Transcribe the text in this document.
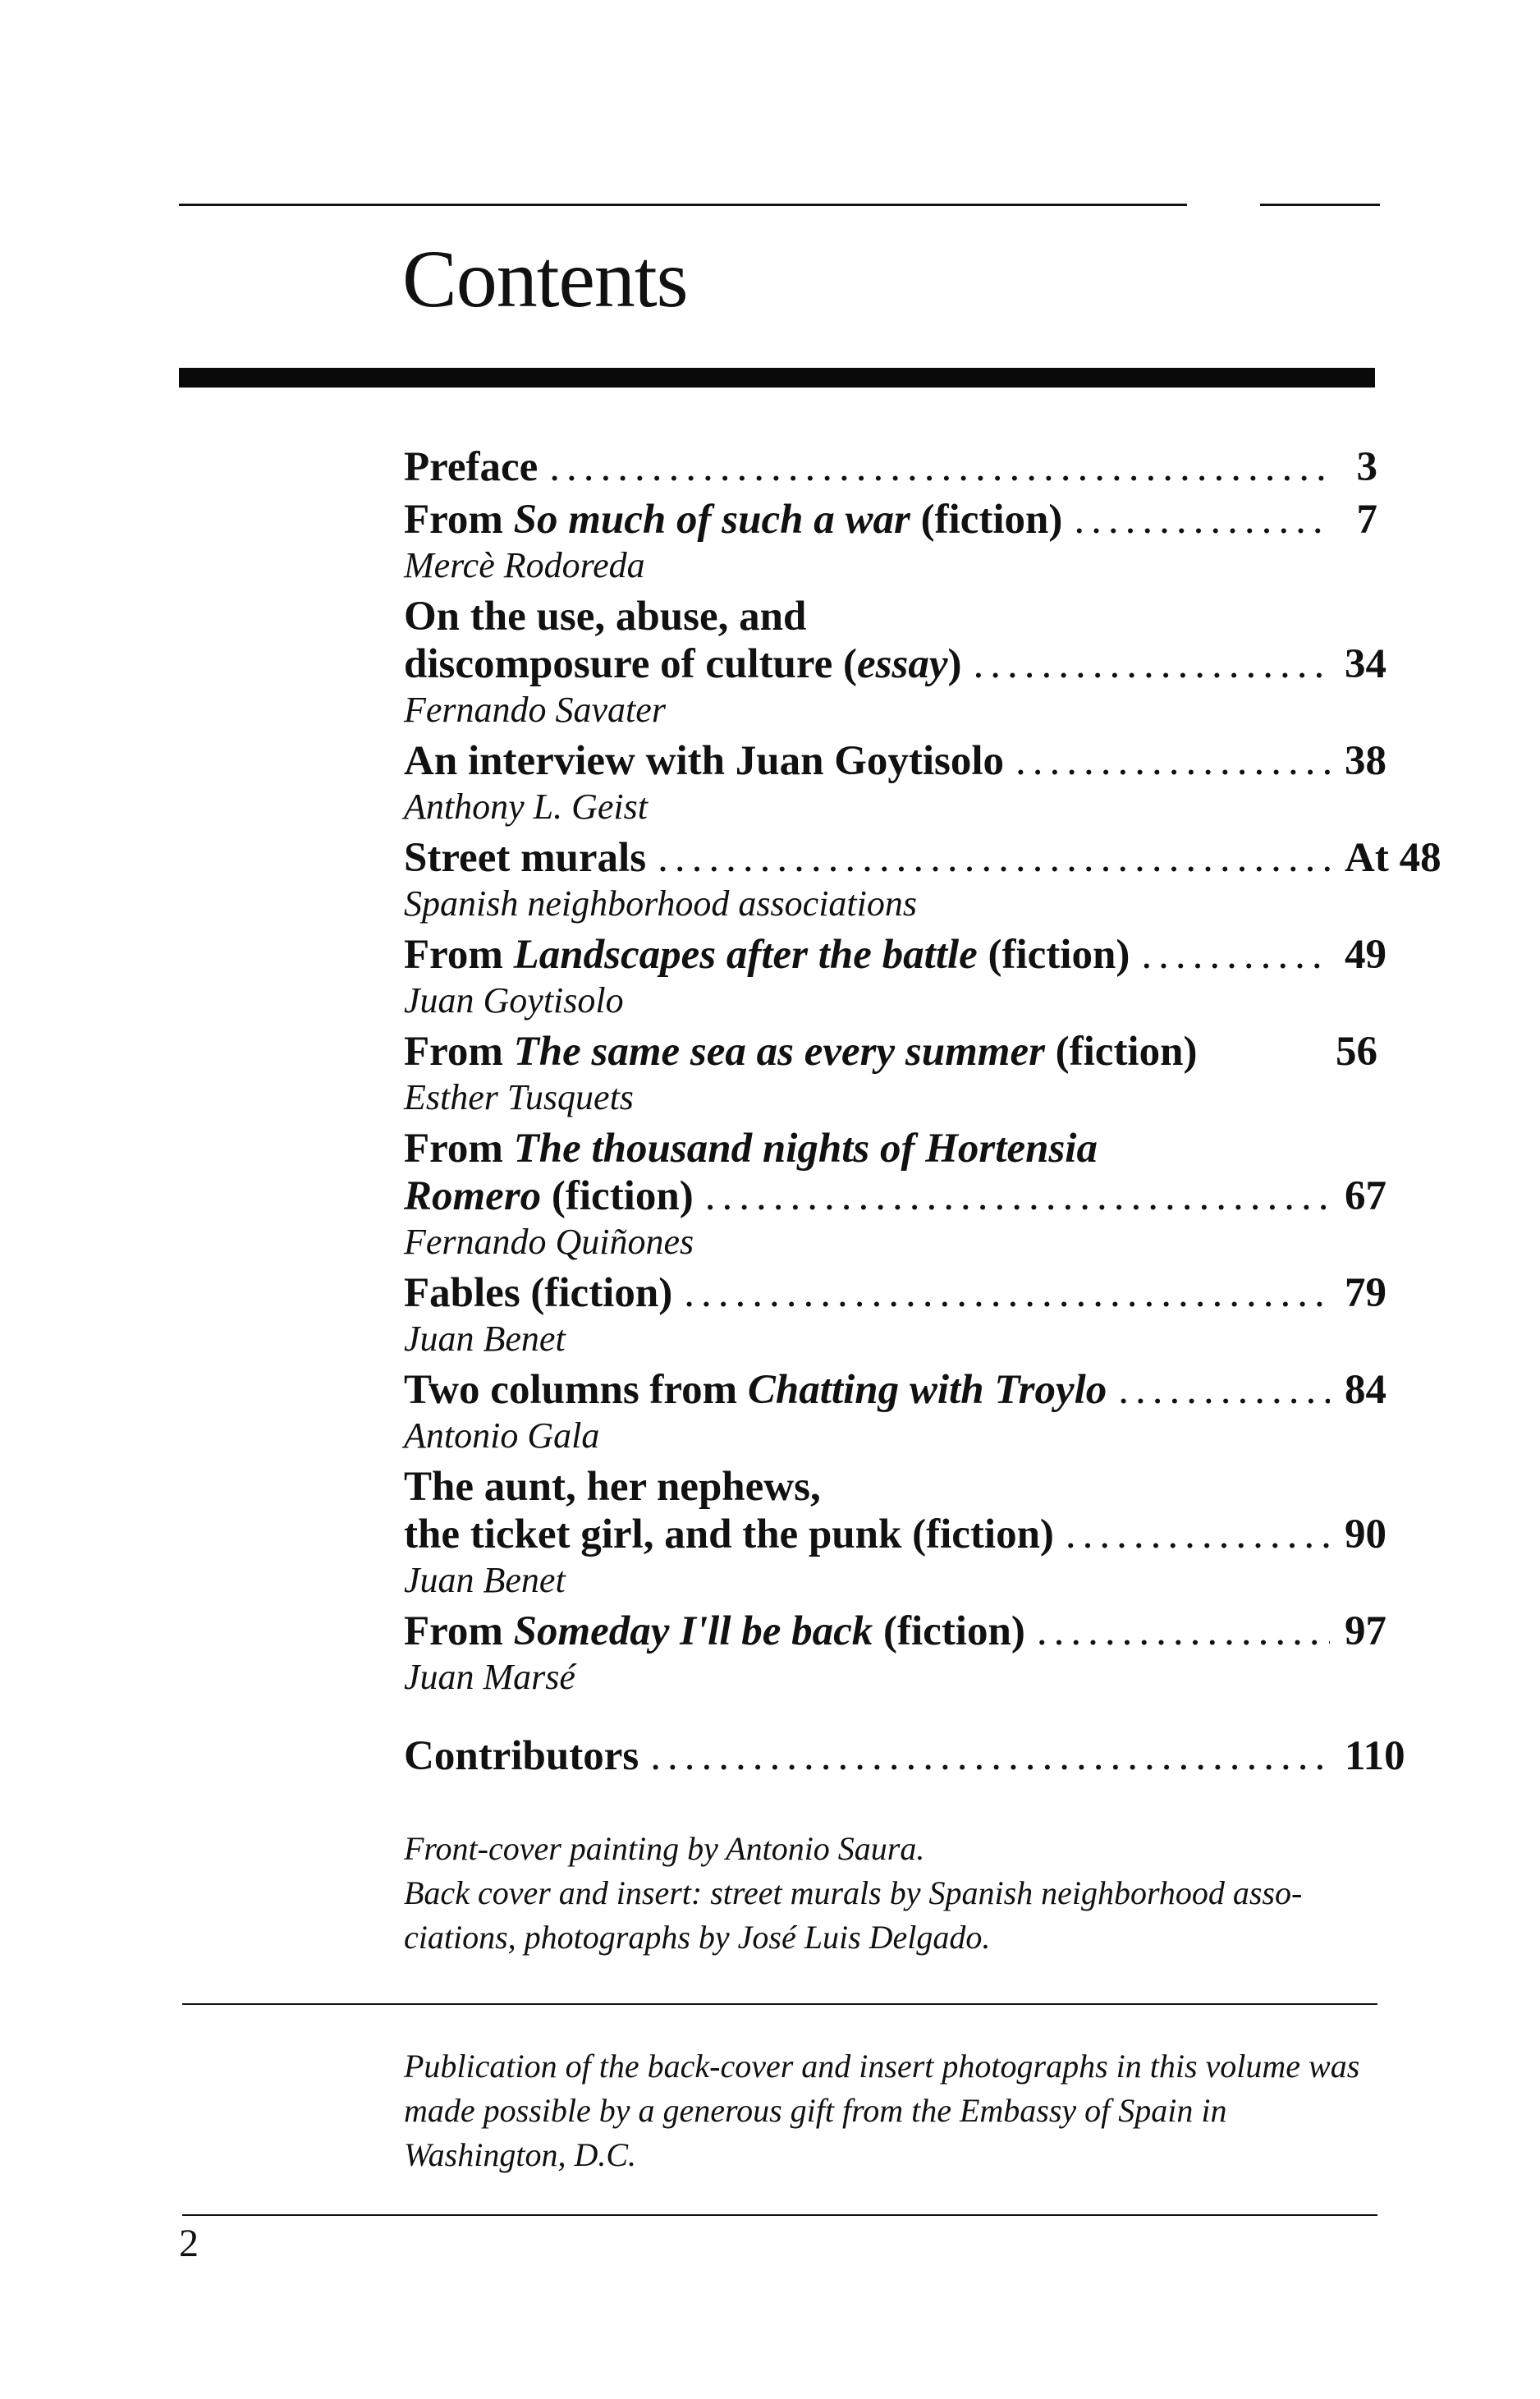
Contents
Preface .....	3
From So much of such a war (fiction) .....	7
Mercè Rodoreda
On the use, abuse, and
discomposure of culture (essay) .....	34
Fernando Savater
An interview with Juan Goytisolo .....	38
Anthony L. Geist
Street murals .....	At 48
Spanish neighborhood associations
From Landscapes after the battle (fiction) .....	49
Juan Goytisolo
From The same sea as every summer (fiction)	56
Esther Tusquets
From The thousand nights of Hortensia
Romero (fiction) .....	67
Fernando Quiñones
Fables (fiction) .....	79
Juan Benet
Two columns from Chatting with Troylo .....	84
Antonio Gala
The aunt, her nephews,
the ticket girl, and the punk (fiction) .....	90
Juan Benet
From Someday I'll be back (fiction) .....	97
Juan Marsé
Contributors .....	110

Front-cover painting by Antonio Saura.

Back cover and insert: street murals by Spanish neighborhood asso- ciations, photographs by José Luis Delgado.

Publication of the back-cover and insert photographs in this volume was made possible by a generous gift from the Embassy of Spain in Washington, D.C.

2
